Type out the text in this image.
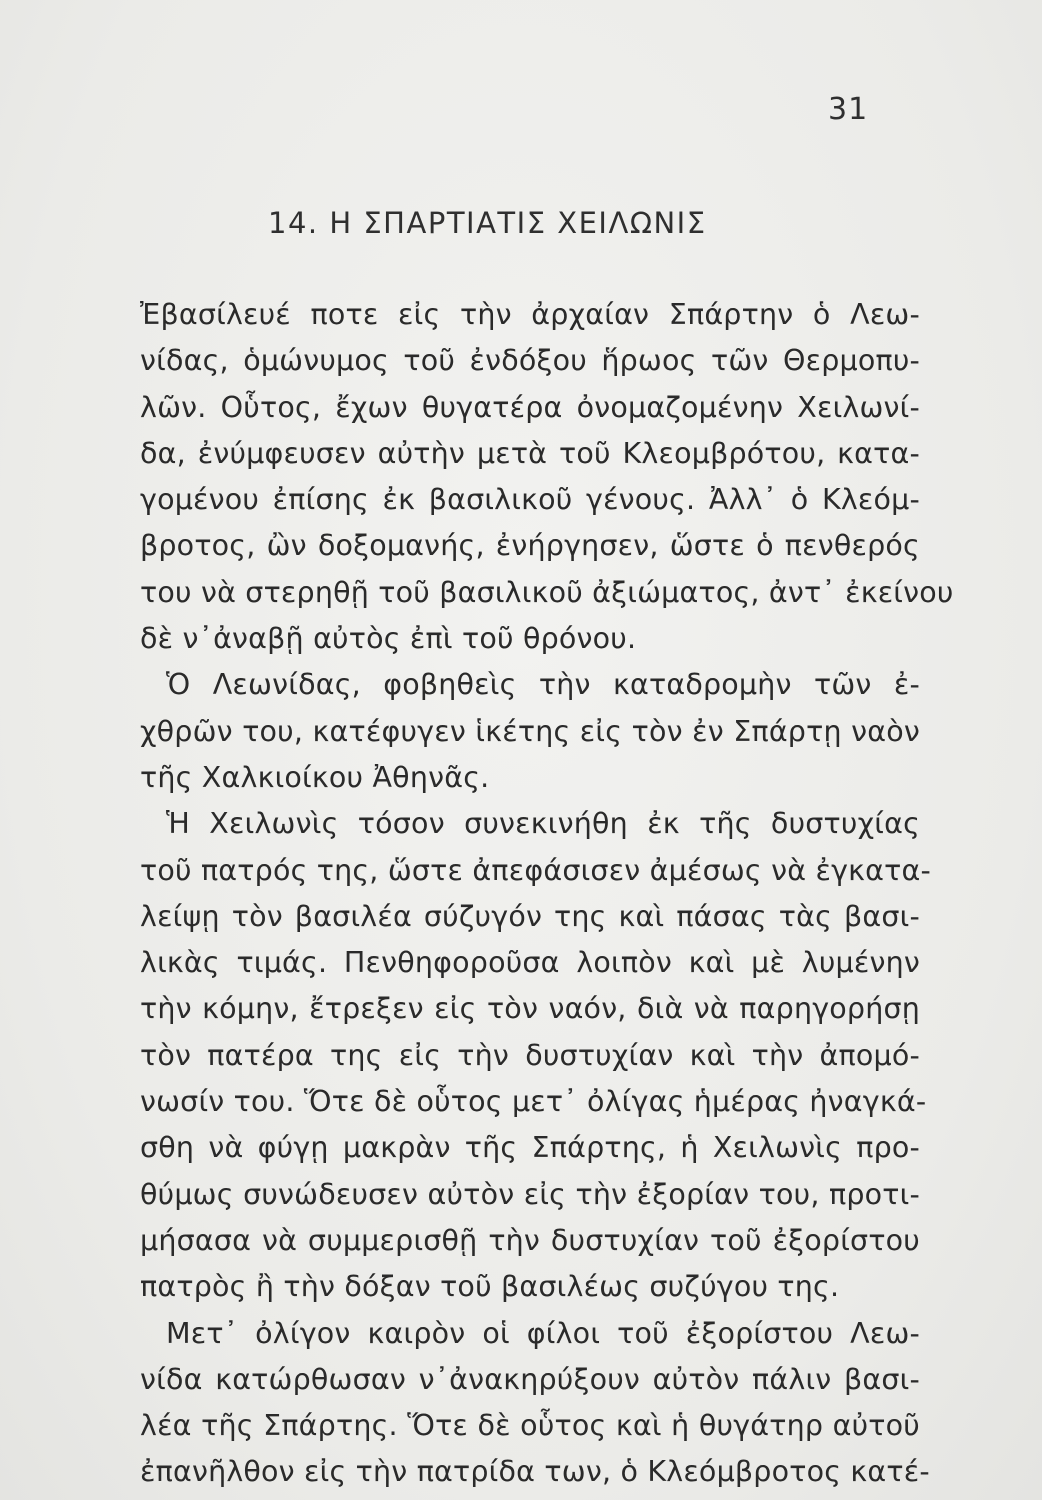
31
14. Η ΣΠΑΡΤΙΑΤΙΣ ΧΕΙΛΩΝΙΣ
Ἐβασίλευέ ποτε εἰς τὴν ἀρχαίαν Σπάρτην ὁ Λεω-
νίδας, ὁμώνυμος τοῦ ἐνδόξου ἥρωος τῶν Θερμοπυ-
λῶν. Οὗτος, ἔχων θυγατέρα ὀνομαζομένην Χειλωνί-
δα, ἐνύμφευσεν αὐτὴν μετὰ τοῦ Κλεομβρότου, κατα-
γομένου ἐπίσης ἐκ βασιλικοῦ γένους. Ἀλλ᾽ ὁ Κλεόμ-
βροτος, ὢν δοξομανής, ἐνήργησεν, ὥστε ὁ πενθερός
του νὰ στερηθῇ τοῦ βασιλικοῦ ἀξιώματος, ἀντ᾽ ἐκείνου
δὲ ν᾽ἀναβῇ αὐτὸς ἐπὶ τοῦ θρόνου.
Ὁ Λεωνίδας, φοβηθεὶς τὴν καταδρομὴν τῶν ἐ-
χθρῶν του, κατέφυγεν ἱκέτης εἰς τὸν ἐν Σπάρτῃ ναὸν
τῆς Χαλκιοίκου Ἀθηνᾶς.
Ἡ Χειλωνὶς τόσον συνεκινήθη ἐκ τῆς δυστυχίας
τοῦ πατρός της, ὥστε ἀπεφάσισεν ἀμέσως νὰ ἐγκατα-
λείψῃ τὸν βασιλέα σύζυγόν της καὶ πάσας τὰς βασι-
λικὰς τιμάς. Πενθηφοροῦσα λοιπὸν καὶ μὲ λυμένην
τὴν κόμην, ἔτρεξεν εἰς τὸν ναόν, διὰ νὰ παρηγορήσῃ
τὸν πατέρα της εἰς τὴν δυστυχίαν καὶ τὴν ἀπομό-
νωσίν του. Ὅτε δὲ οὗτος μετ᾽ ὀλίγας ἡμέρας ἠναγκά-
σθη νὰ φύγῃ μακρὰν τῆς Σπάρτης, ἡ Χειλωνὶς προ-
θύμως συνώδευσεν αὐτὸν εἰς τὴν ἐξορίαν του, προτι-
μήσασα νὰ συμμερισθῇ τὴν δυστυχίαν τοῦ ἐξορίστου
πατρὸς ἢ τὴν δόξαν τοῦ βασιλέως συζύγου της.
Μετ᾽ ὀλίγον καιρὸν οἱ φίλοι τοῦ ἐξορίστου Λεω-
νίδα κατώρθωσαν ν᾽ἀνακηρύξουν αὐτὸν πάλιν βασι-
λέα τῆς Σπάρτης. Ὅτε δὲ οὗτος καὶ ἡ θυγάτηρ αὐτοῦ
ἐπανῆλθον εἰς τὴν πατρίδα των, ὁ Κλεόμβροτος κατέ-
